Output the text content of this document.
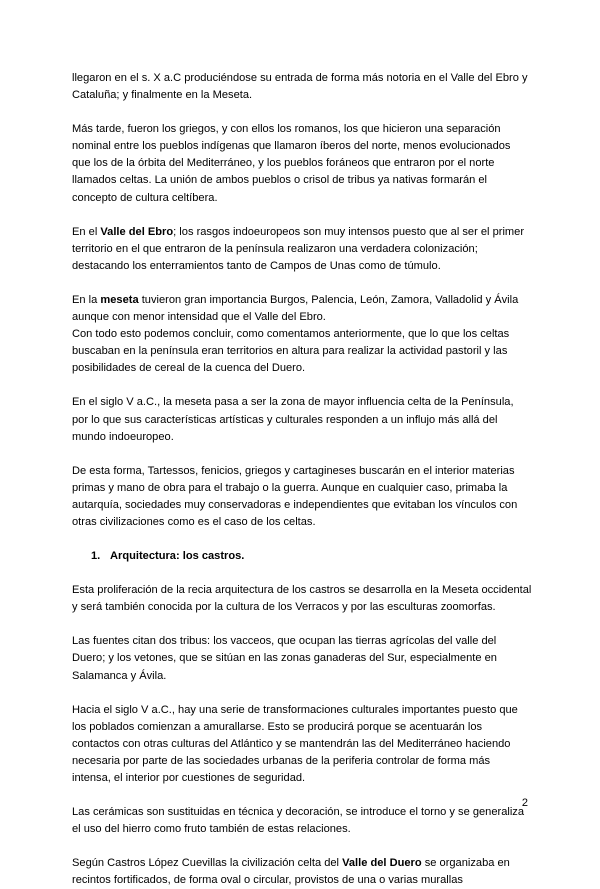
llegaron en el s. X a.C produciéndose su entrada de forma más notoria en el Valle del Ebro y Cataluña; y finalmente en la Meseta.

Más tarde, fueron los griegos, y con ellos los romanos, los que hicieron una separación nominal entre los pueblos indígenas que llamaron íberos del norte, menos evolucionados que los de la órbita del Mediterráneo, y los pueblos foráneos que entraron por el norte llamados celtas. La unión de ambos pueblos o crisol de tribus ya nativas formarán el concepto de cultura celtíbera.

En el Valle del Ebro; los rasgos indoeuropeos son muy intensos puesto que al ser el primer territorio en el que entraron de la península realizaron una verdadera colonización; destacando los enterramientos tanto de Campos de Unas como de túmulo.

En la meseta tuvieron gran importancia Burgos, Palencia, León, Zamora, Valladolid y Ávila aunque con menor intensidad que el Valle del Ebro.

Con todo esto podemos concluir, como comentamos anteriormente, que lo que los celtas buscaban en la península eran territorios en altura para realizar la actividad pastoril y las posibilidades de cereal de la cuenca del Duero.

En el siglo V a.C., la meseta pasa a ser la zona de mayor influencia celta de la Península, por lo que sus características artísticas y culturales responden a un influjo más allá del mundo indoeuropeo.

De esta forma, Tartessos, fenicios, griegos y cartagineses buscarán en el interior materias primas y mano de obra para el trabajo o la guerra. Aunque en cualquier caso, primaba la autarquía, sociedades muy conservadoras e independientes que evitaban los vínculos con otras civilizaciones como es el caso de los celtas.

1. Arquitectura: los castros.

Esta proliferación de la recia arquitectura de los castros se desarrolla en la Meseta occidental y será también conocida por la cultura de los Verracos y por las esculturas zoomorfas.

Las fuentes citan dos tribus: los vacceos, que ocupan las tierras agrícolas del valle del Duero; y los vetones, que se sitúan en las zonas ganaderas del Sur, especialmente en Salamanca y Ávila.

Hacia el siglo V a.C., hay una serie de transformaciones culturales importantes puesto que los poblados comienzan a amurallarse. Esto se producirá porque se acentuarán los contactos con otras culturas del Atlántico y se mantendrán las del Mediterráneo haciendo necesaria por parte de las sociedades urbanas de la periferia controlar de forma más intensa, el interior por cuestiones de seguridad.

Las cerámicas son sustituidas en técnica y decoración, se introduce el torno y se generaliza el uso del hierro como fruto también de estas relaciones.

Según Castros López Cuevillas la civilización celta del Valle del Duero se organizaba en recintos fortificados, de forma oval o circular, provistos de una o varias murallas

2
